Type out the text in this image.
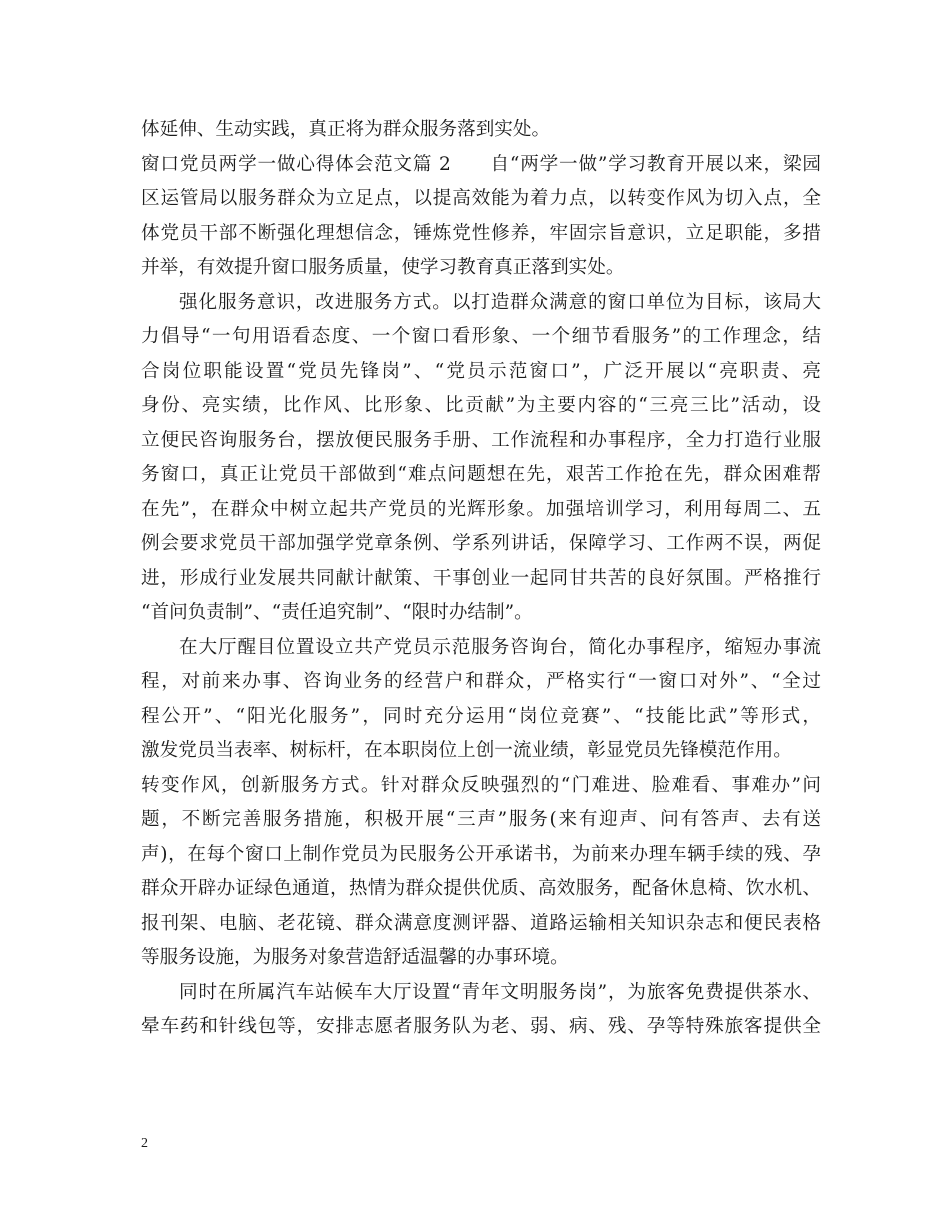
体延伸、生动实践，真正将为群众服务落到实处。
窗口党员两学一做心得体会范文篇 2　　自“两学一做”学习教育开展以来，梁园
区运管局以服务群众为立足点，以提高效能为着力点，以转变作风为切入点，全
体党员干部不断强化理想信念，锤炼党性修养，牢固宗旨意识，立足职能，多措
并举，有效提升窗口服务质量，使学习教育真正落到实处。
强化服务意识，改进服务方式。以打造群众满意的窗口单位为目标，该局大
力倡导“一句用语看态度、一个窗口看形象、一个细节看服务”的工作理念，结
合岗位职能设置“党员先锋岗”、“党员示范窗口”，广泛开展以“亮职责、亮
身份、亮实绩，比作风、比形象、比贡献”为主要内容的“三亮三比”活动，设
立便民咨询服务台，摆放便民服务手册、工作流程和办事程序，全力打造行业服
务窗口，真正让党员干部做到“难点问题想在先，艰苦工作抢在先，群众困难帮
在先”，在群众中树立起共产党员的光辉形象。加强培训学习，利用每周二、五
例会要求党员干部加强学党章条例、学系列讲话，保障学习、工作两不误，两促
进，形成行业发展共同献计献策、干事创业一起同甘共苦的良好氛围。严格推行
“首问负责制”、“责任追究制”、“限时办结制”。
在大厅醒目位置设立共产党员示范服务咨询台，简化办事程序，缩短办事流
程，对前来办事、咨询业务的经营户和群众，严格实行“一窗口对外”、“全过
程公开”、“阳光化服务”，同时充分运用“岗位竞赛”、“技能比武”等形式，
激发党员当表率、树标杆，在本职岗位上创一流业绩，彰显党员先锋模范作用。
转变作风，创新服务方式。针对群众反映强烈的“门难进、脸难看、事难办”问
题，不断完善服务措施，积极开展“三声”服务(来有迎声、问有答声、去有送
声)，在每个窗口上制作党员为民服务公开承诺书，为前来办理车辆手续的残、孕
群众开辟办证绿色通道，热情为群众提供优质、高效服务，配备休息椅、饮水机、
报刊架、电脑、老花镜、群众满意度测评器、道路运输相关知识杂志和便民表格
等服务设施，为服务对象营造舒适温馨的办事环境。
同时在所属汽车站候车大厅设置“青年文明服务岗”，为旅客免费提供茶水、
晕车药和针线包等，安排志愿者服务队为老、弱、病、残、孕等特殊旅客提供全
2
